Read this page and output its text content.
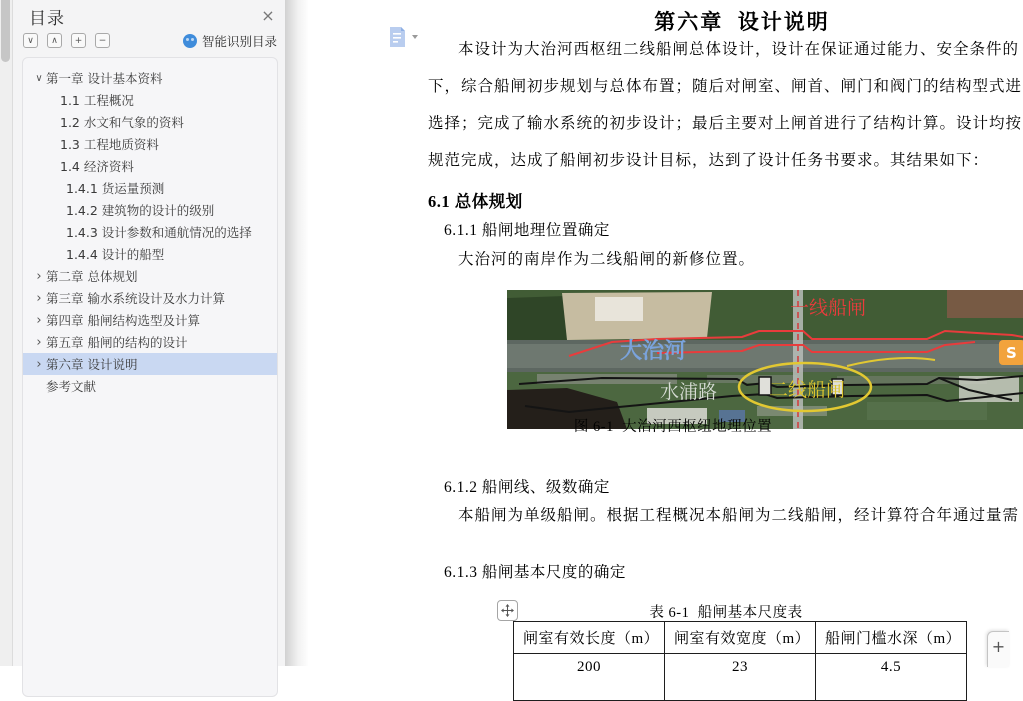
目录	×
∨	∧	+	−	智能识别目录
∨ 第一章 设计基本资料
1.1 工程概况
1.2 水文和气象的资料
1.3 工程地质资料
1.4 经济资料
1.4.1 货运量预测
1.4.2 建筑物的设计的级别
1.4.3 设计参数和通航情况的选择
1.4.4 设计的船型
› 第二章 总体规划
› 第三章 输水系统设计及水力计算
› 第四章 船闸结构选型及计算
› 第五章 船闸的结构的设计
› 第六章 设计说明
参考文献

第六章  设计说明
本设计为大治河西枢纽二线船闸总体设计，设计在保证通过能力、安全条件的
下，综合船闸初步规划与总体布置；随后对闸室、闸首、闸门和阀门的结构型式进
选择；完成了输水系统的初步设计；最后主要对上闸首进行了结构计算。设计均按
规范完成，达成了船闸初步设计目标，达到了设计任务书要求。其结果如下：
6.1 总体规划
6.1.1 船闸地理位置确定
大治河的南岸作为二线船闸的新修位置。

一线船闸
大治河
水浦路	二线船闸
S

图 6-1  大治河西枢纽地理位置
6.1.2 船闸线、级数确定
本船闸为单级船闸。根据工程概况本船闸为二线船闸，经计算符合年通过量需
6.1.3 船闸基本尺度的确定
表 6-1  船闸基本尺度表
闸室有效长度（m）	闸室有效宽度（m）	船闸门槛水深（m）
200	23	4.5
+
